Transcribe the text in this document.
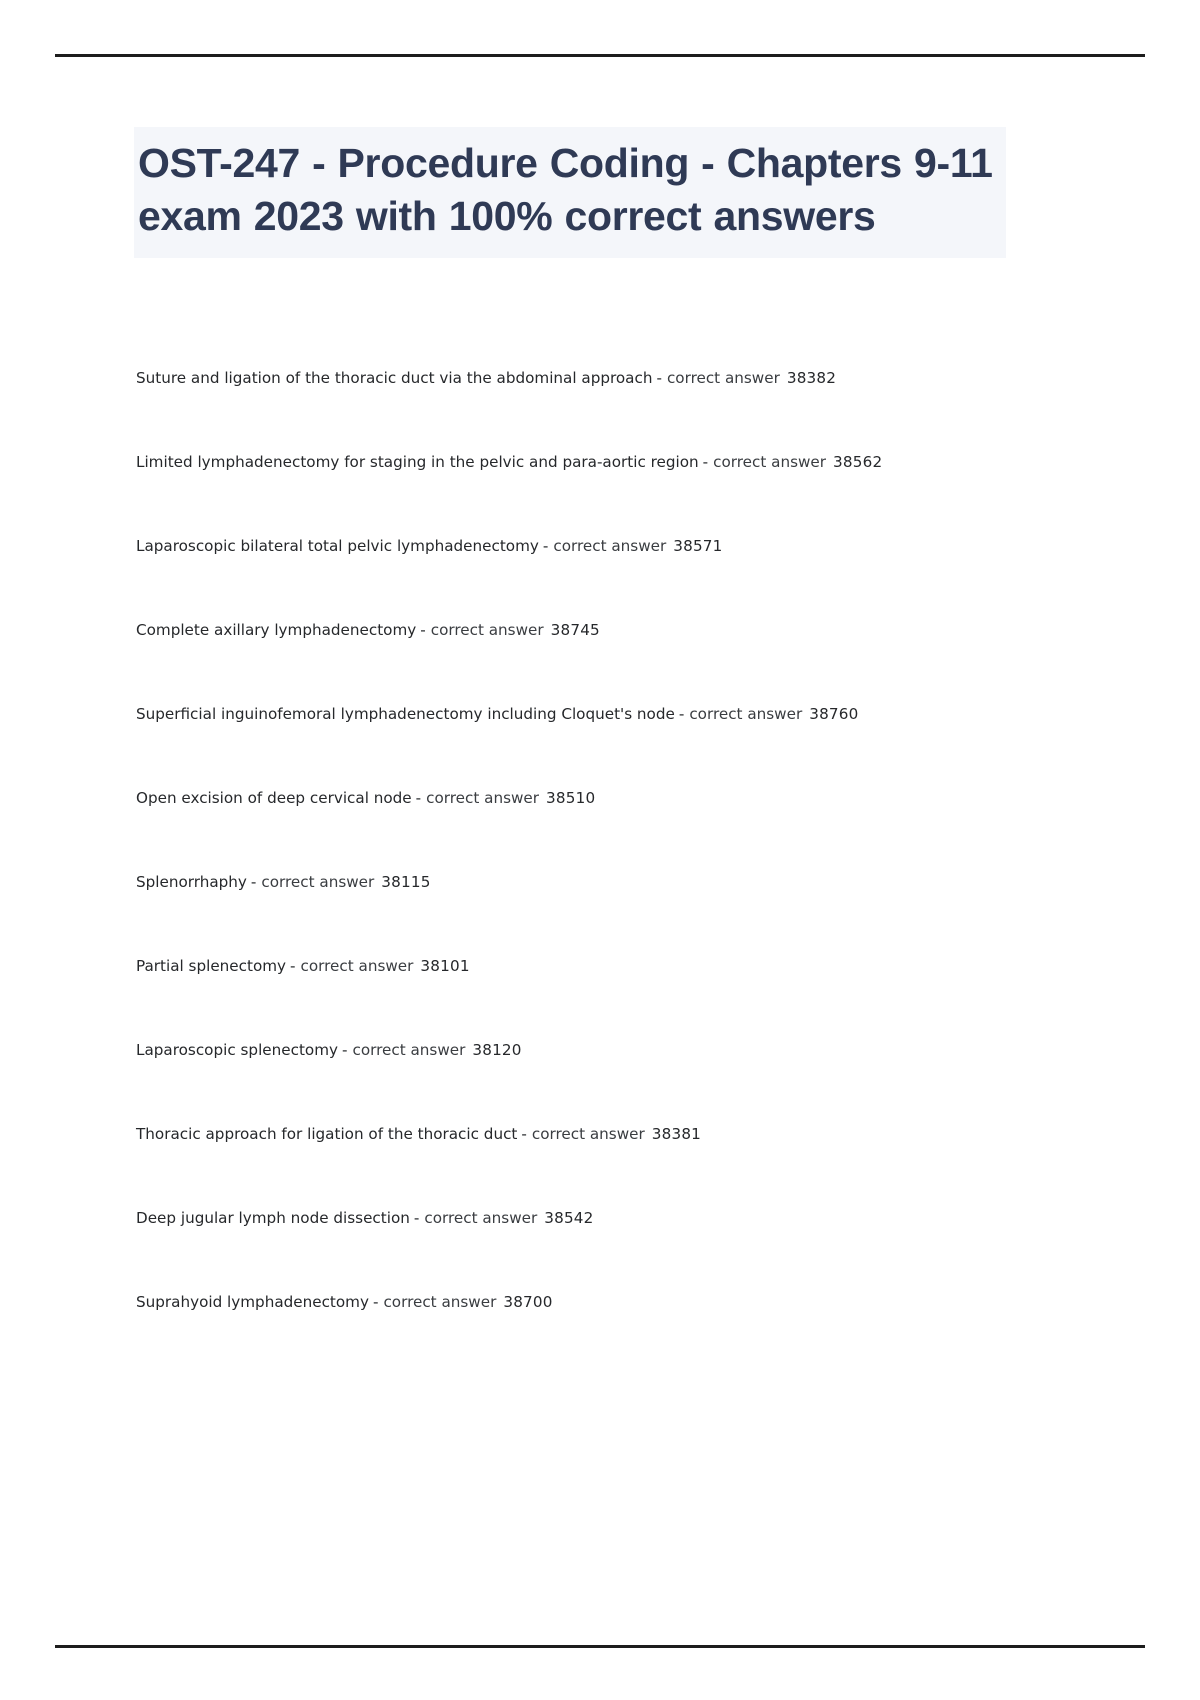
OST-247 - Procedure Coding - Chapters 9-11 exam 2023 with 100% correct answers
Suture and ligation of the thoracic duct via the abdominal approach - correct answer 38382
Limited lymphadenectomy for staging in the pelvic and para-aortic region - correct answer 38562
Laparoscopic bilateral total pelvic lymphadenectomy - correct answer 38571
Complete axillary lymphadenectomy - correct answer 38745
Superficial inguinofemoral lymphadenectomy including Cloquet's node - correct answer 38760
Open excision of deep cervical node - correct answer 38510
Splenorrhaphy - correct answer 38115
Partial splenectomy - correct answer 38101
Laparoscopic splenectomy - correct answer 38120
Thoracic approach for ligation of the thoracic duct - correct answer 38381
Deep jugular lymph node dissection - correct answer 38542
Suprahyoid lymphadenectomy - correct answer 38700
